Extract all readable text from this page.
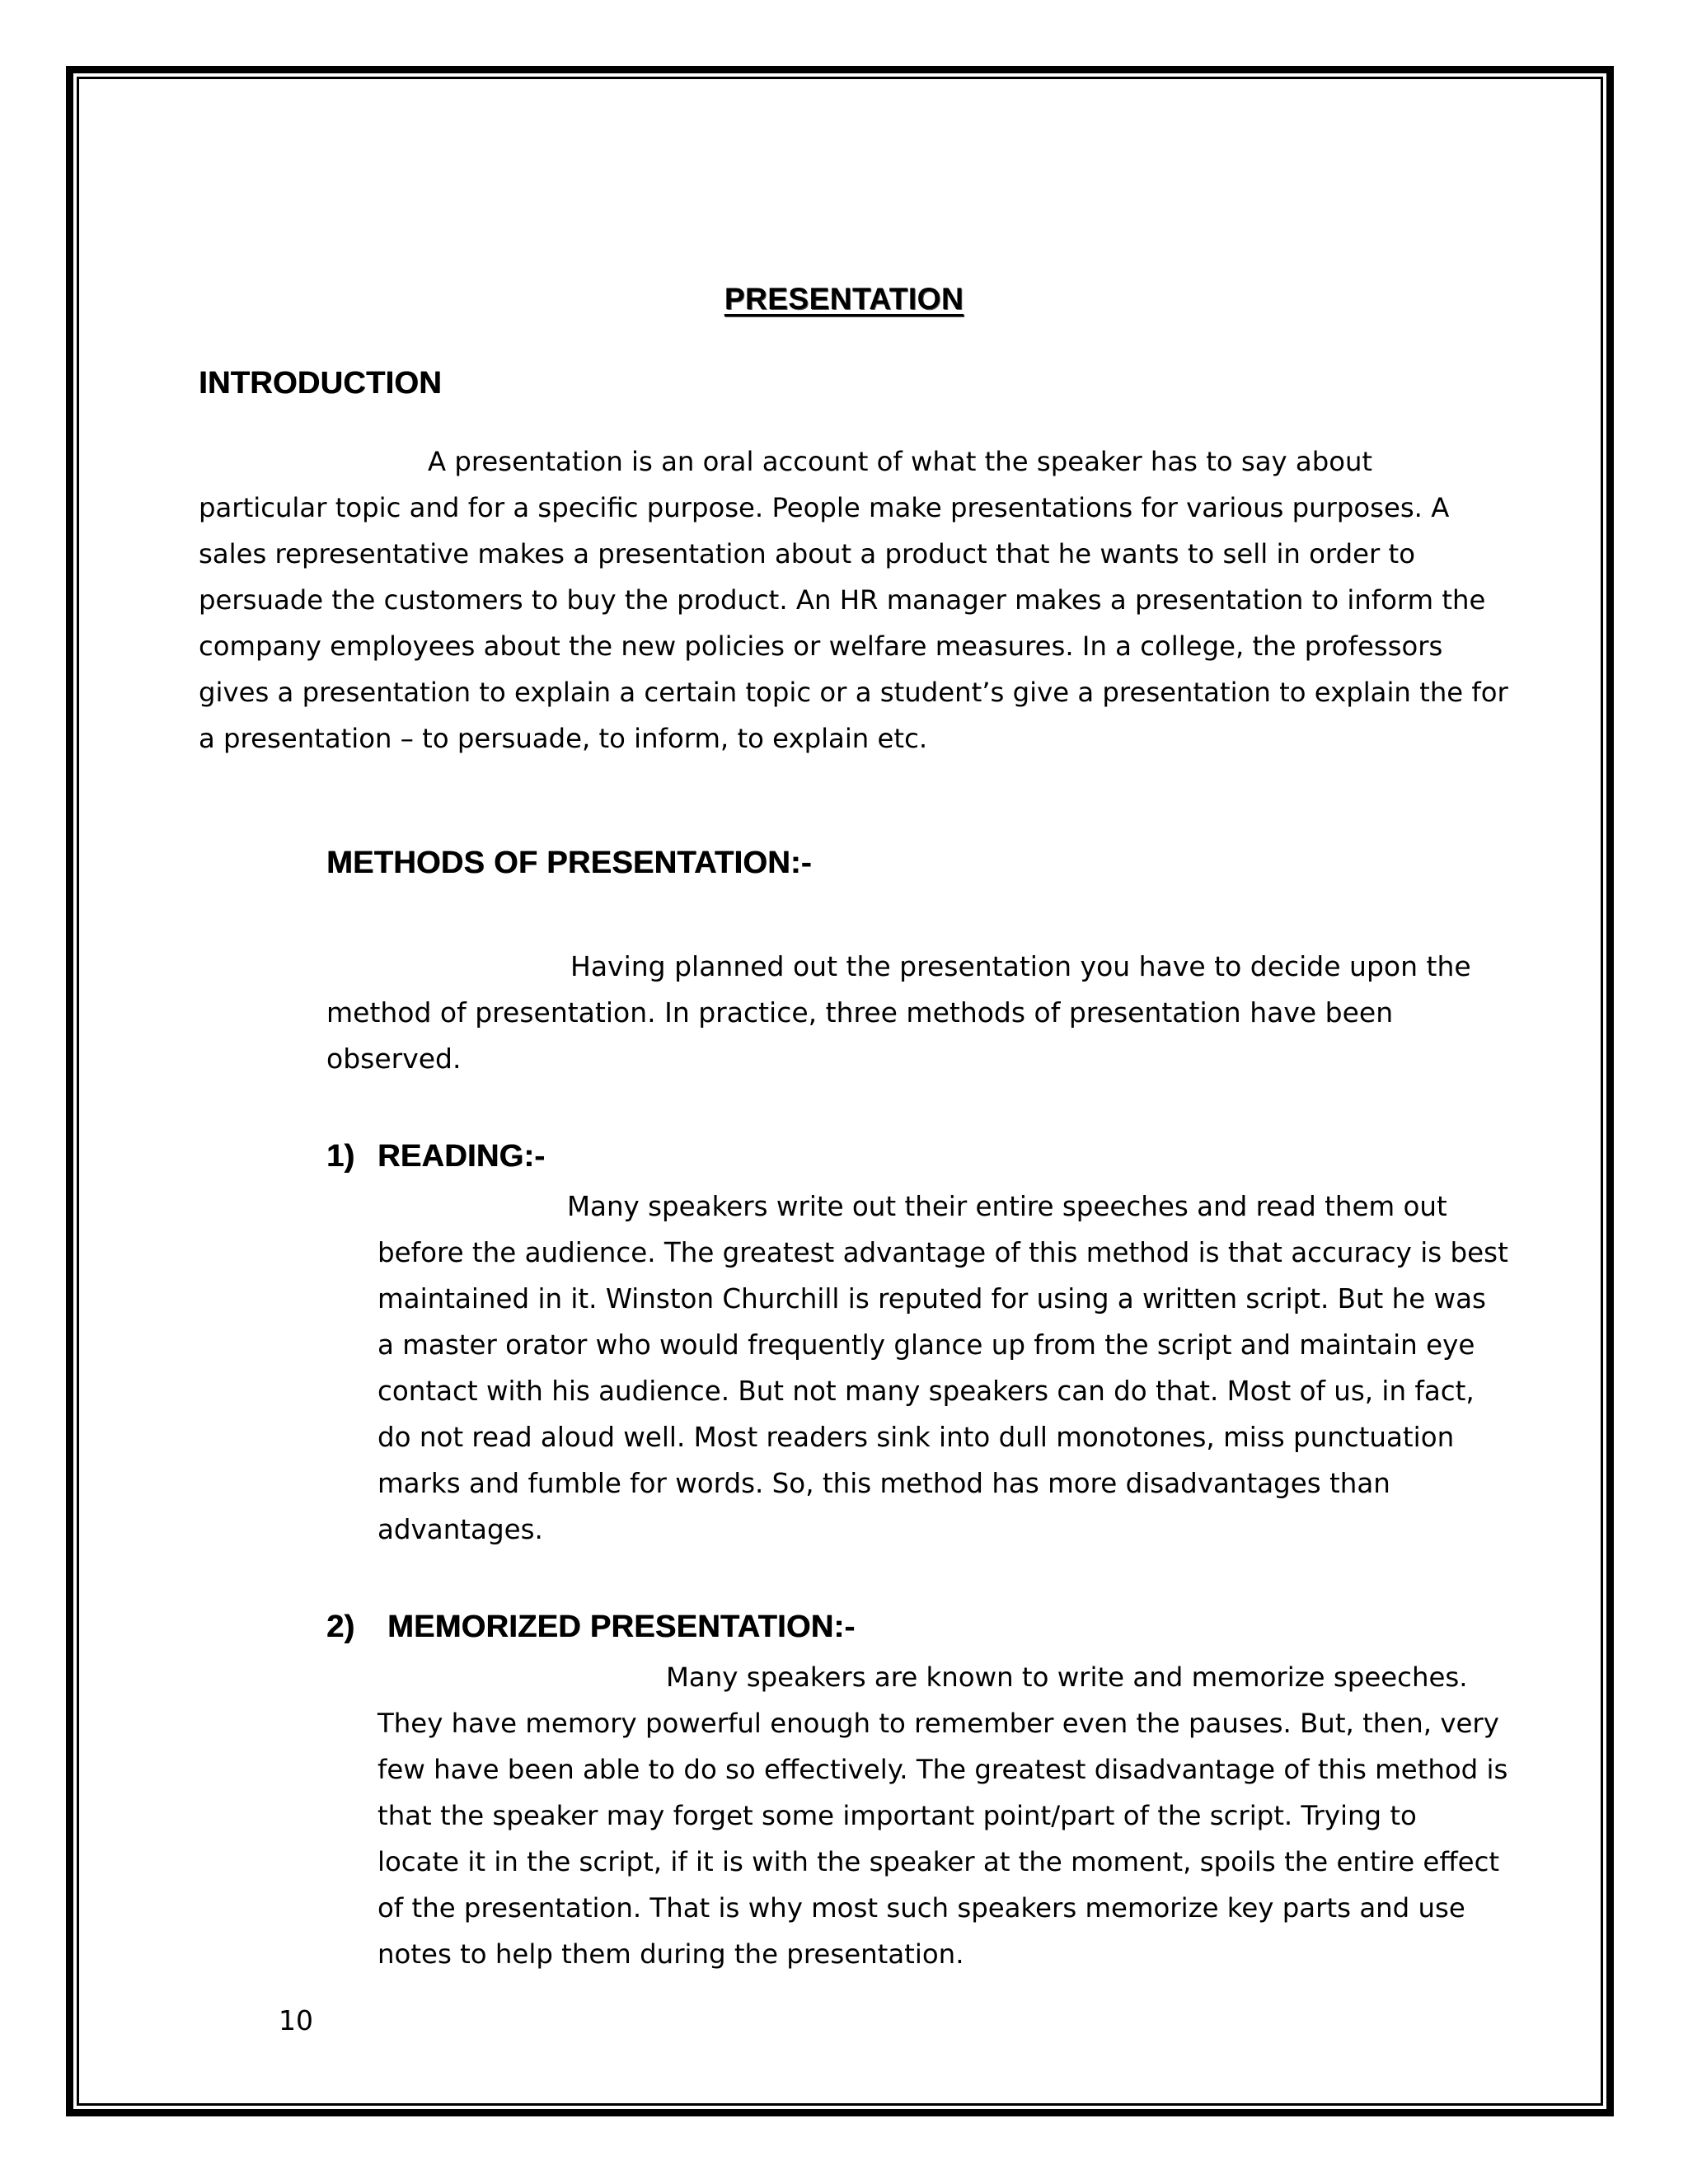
PRESENTATION
INTRODUCTION
A presentation is an oral account of what the speaker has to say about
particular topic and for a specific purpose. People make presentations for various purposes. A
sales representative makes a presentation about a product that he wants to sell in order to
persuade the customers to buy the product. An HR manager makes a presentation to inform the
company employees about the new policies or welfare measures. In a college, the professors
gives a presentation to explain a certain topic or a student’s give a presentation to explain the for
a presentation – to persuade, to inform, to explain etc.
METHODS OF PRESENTATION:-
Having planned out the presentation you have to decide upon the
method of presentation. In practice, three methods of presentation have been
observed.
1) READING:-
Many speakers write out their entire speeches and read them out
before the audience. The greatest advantage of this method is that accuracy is best
maintained in it. Winston Churchill is reputed for using a written script. But he was
a master orator who would frequently glance up from the script and maintain eye
contact with his audience. But not many speakers can do that. Most of us, in fact,
do not read aloud well. Most readers sink into dull monotones, miss punctuation
marks and fumble for words. So, this method has more disadvantages than
advantages.
2) MEMORIZED PRESENTATION:-
Many speakers are known to write and memorize speeches.
They have memory powerful enough to remember even the pauses. But, then, very
few have been able to do so effectively. The greatest disadvantage of this method is
that the speaker may forget some important point/part of the script. Trying to
locate it in the script, if it is with the speaker at the moment, spoils the entire effect
of the presentation. That is why most such speakers memorize key parts and use
notes to help them during the presentation.
10
